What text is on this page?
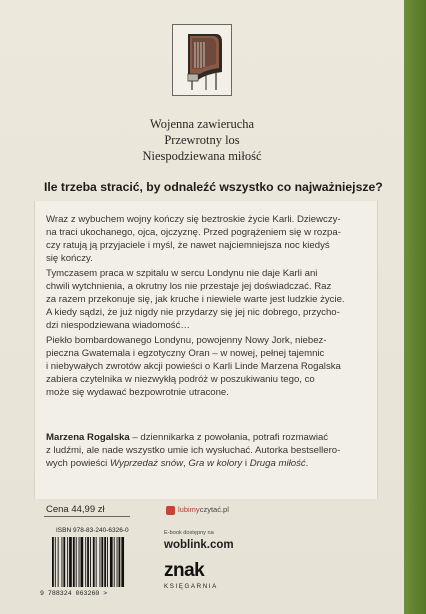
Wojenna zawierucha
Przewrotny los
Niespodziewana miłość
Ile trzeba stracić, by odnaleźć wszystko co najważniejsze?
Wraz z wybuchem wojny kończy się beztroskie życie Karli. Dziewczy-
na traci ukochanego, ojca, ojczyznę. Przed pogrążeniem się w rozpa-
czy ratują ją przyjaciele i myśl, że nawet najciemniejsza noc kiedyś
się kończy.
Tymczasem praca w szpitalu w sercu Londynu nie daje Karli ani
chwili wytchnienia, a okrutny los nie przestaje jej doświadczać. Raz
za razem przekonuje się, jak kruche i niewiele warte jest ludzkie życie.
A kiedy sądzi, że już nigdy nie przydarzy się jej nic dobrego, przycho-
dzi niespodziewana wiadomość…
Piekło bombardowanego Londynu, powojenny Nowy Jork, niebez-
pieczna Gwatemala i egzotyczny Oran – w nowej, pełnej tajemnic
i niebywałych zwrotów akcji powieści o Karli Linde Marzena Rogalska
zabiera czytelnika w niezwykłą podróż w poszukiwaniu tego, co
może się wydawać bezpowrotnie utracone.
Marzena Rogalska – dziennikarka z powołania, potrafi rozmawiać
z ludźmi, ale nade wszystko umie ich wysłuchać. Autorka bestsellero-
wych powieści Wyprzedaż snów, Gra w kolory i Druga miłość.
Cena 44,99 zł	lubimyczytać.pl
ISBN 978-83-240-6326-0
9 788324 063260 >
E-book dostępny na
woblink.com
znak
KSIĘGARNIA
